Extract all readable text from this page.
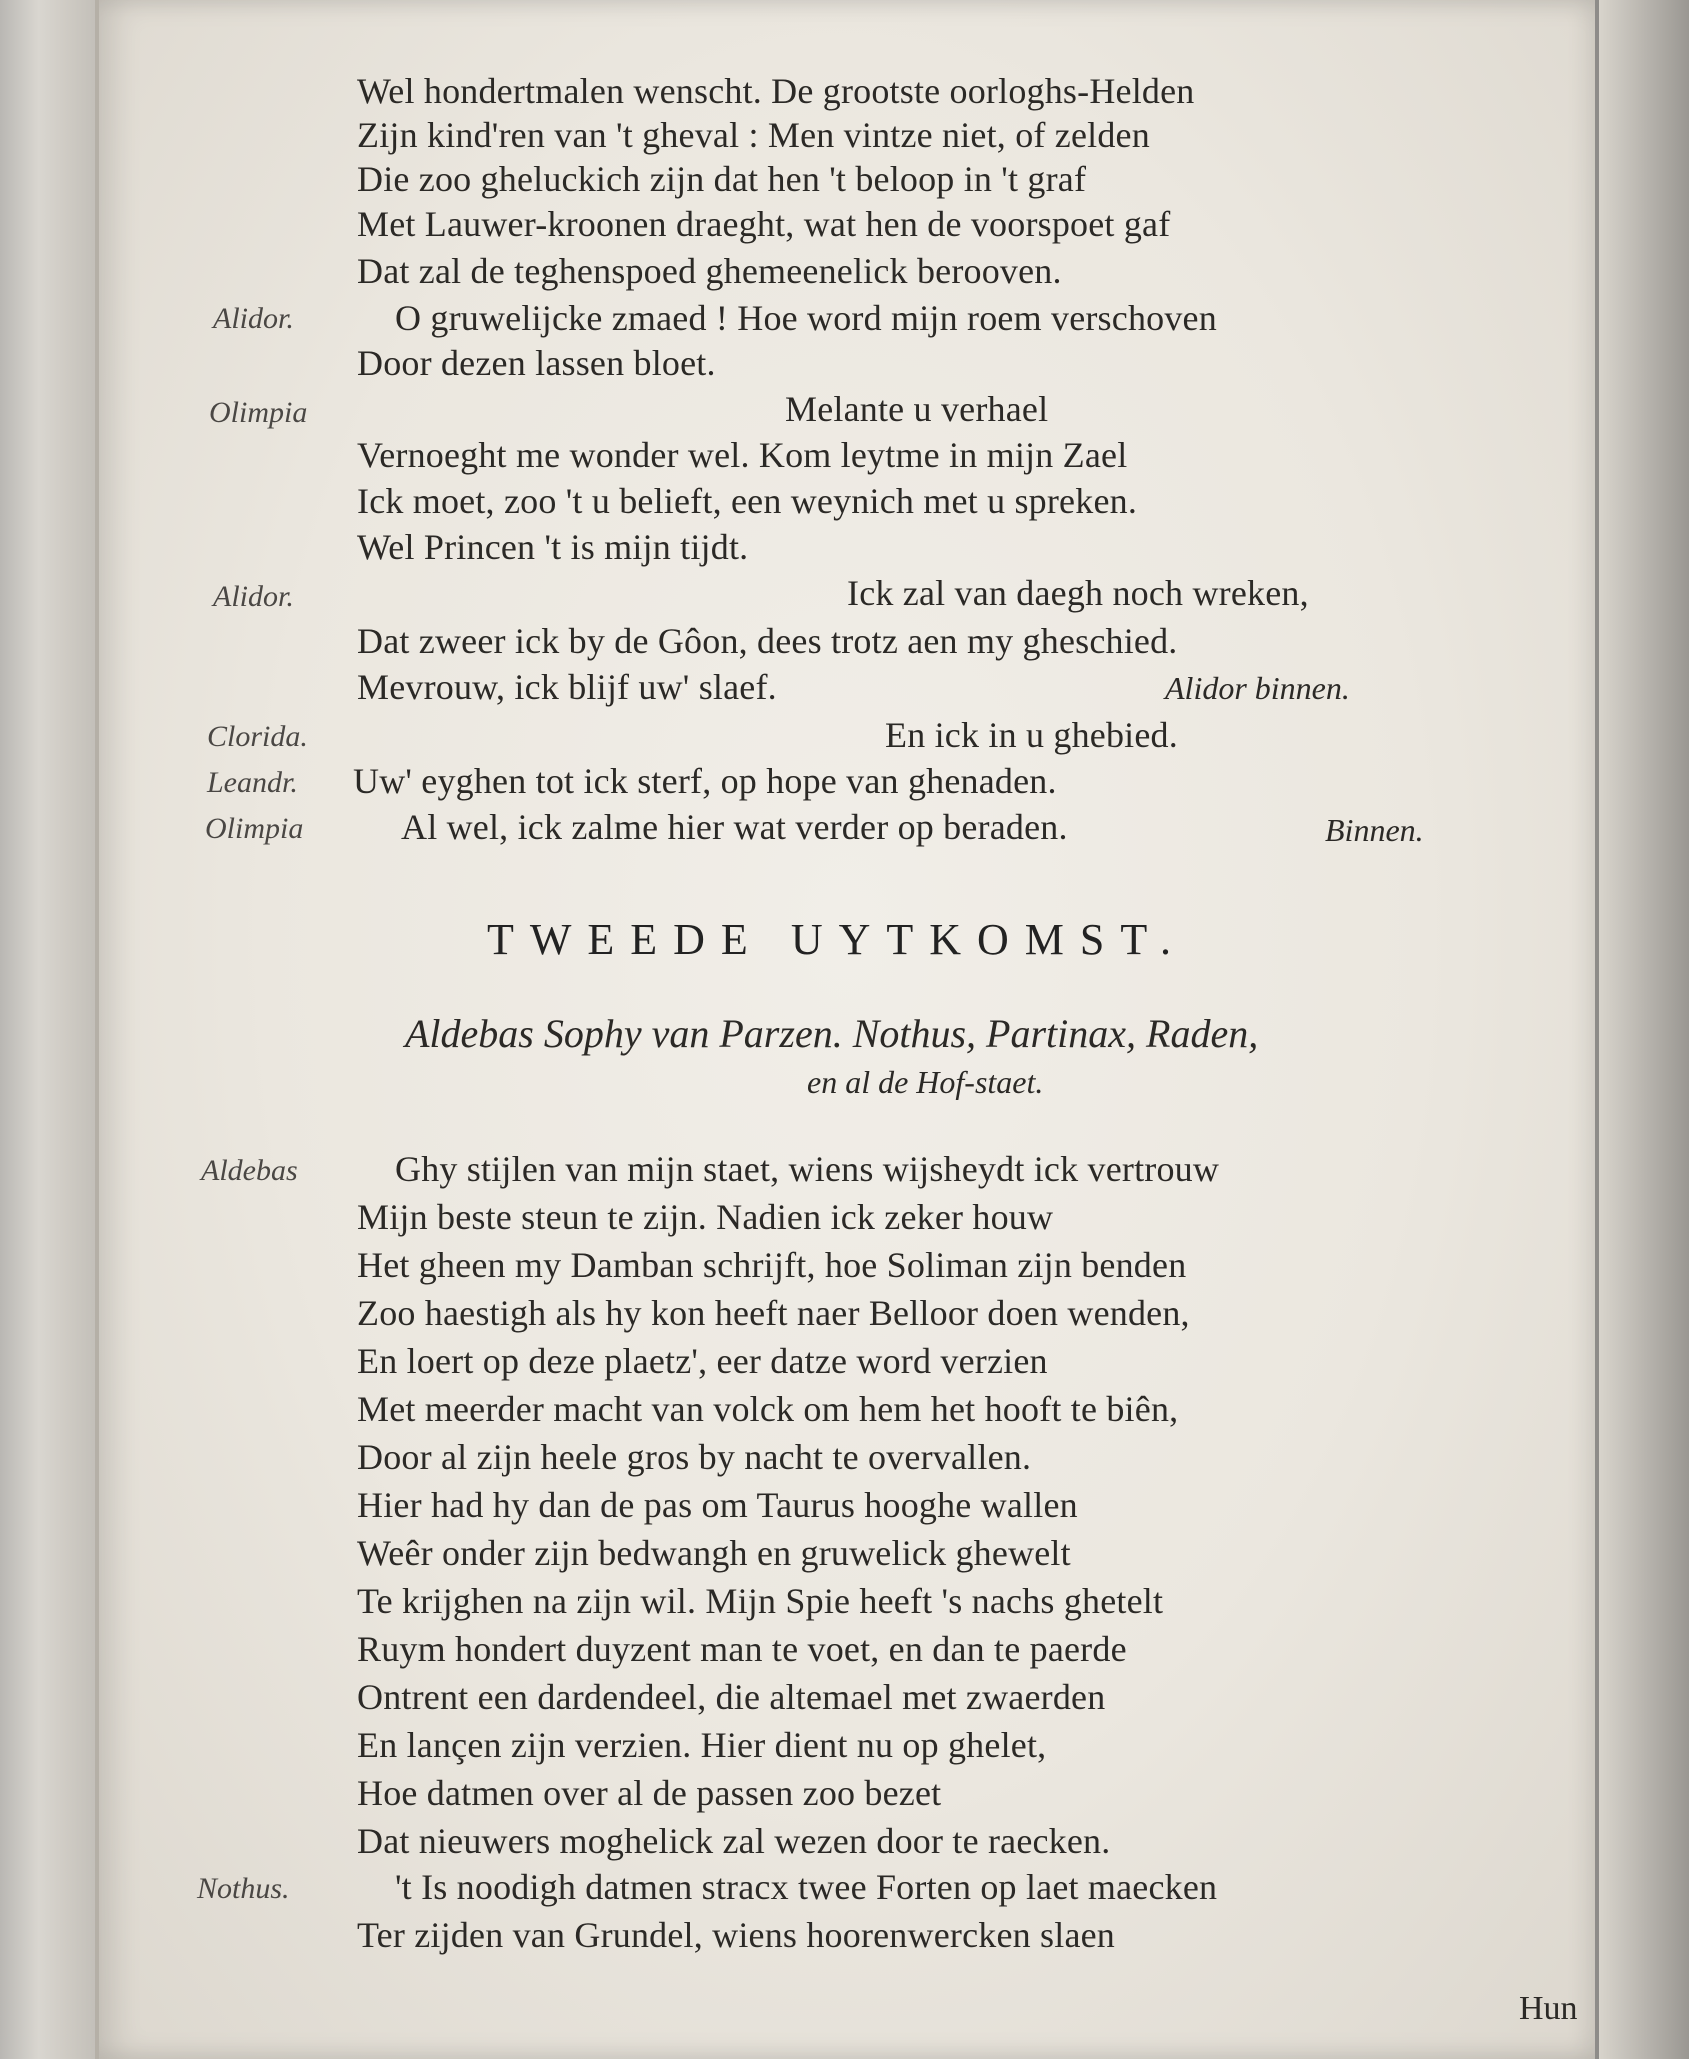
Wel hondertmalen wenscht. De grootste oorloghs-Helden
Zijn kind'ren van 't gheval : Men vintze niet, of zelden
Die zoo gheluckich zijn dat hen 't beloop in 't graf
Met Lauwer-kroonen draeght, wat hen de voorspoet gaf
Dat zal de teghenspoed ghemeenelick berooven.
Alidor.	O gruwelijcke zmaed ! Hoe word mijn roem verschoven
Door dezen lassen bloet.
Olimpia	Melante u verhael
Vernoeght me wonder wel. Kom leytme in mijn Zael
Ick moet, zoo 't u belieft, een weynich met u spreken.
Wel Princen 't is mijn tijdt.
Alidor.	Ick zal van daegh noch wreken,
Dat zweer ick by de Gôon, dees trotz aen my gheschied.
Mevrouw, ick blijf uw' slaef.	Alidor binnen.
Clorida.	En ick in u ghebied.
Leandr. Uw' eyghen tot ick sterf, op hope van ghenaden.
Olimpia	Al wel, ick zalme hier wat verder op beraden.	Binnen.
TWEEDE UYTKOMST.
Aldebas Sophy van Parzen. Nothus, Partinax, Raden,
en al de Hof-staet.
Aldebas	Ghy stijlen van mijn staet, wiens wijsheydt ick vertrouw
Mijn beste steun te zijn. Nadien ick zeker houw
Het gheen my Damban schrijft, hoe Soliman zijn benden
Zoo haestigh als hy kon heeft naer Belloor doen wenden,
En loert op deze plaetz', eer datze word verzien
Met meerder macht van volck om hem het hooft te biên,
Door al zijn heele gros by nacht te overvallen.
Hier had hy dan de pas om Taurus hooghe wallen
Weêr onder zijn bedwangh en gruwelick ghewelt
Te krijghen na zijn wil. Mijn Spie heeft 's nachs ghetelt
Ruym hondert duyzent man te voet, en dan te paerde
Ontrent een dardendeel, die altemael met zwaerden
En lançen zijn verzien. Hier dient nu op ghelet,
Hoe datmen over al de passen zoo bezet
Dat nieuwers moghelick zal wezen door te raecken.
Nothus.	't Is noodigh datmen stracx twee Forten op laet maecken
Ter zijden van Grundel, wiens hoorenwercken slaen
Hun
